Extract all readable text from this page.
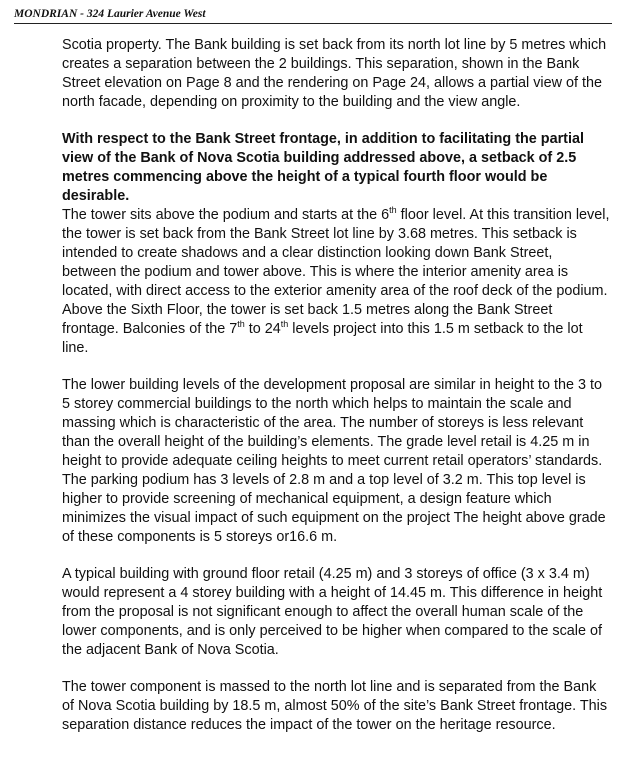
MONDRIAN - 324 Laurier Avenue West

Scotia property. The Bank building is set back from its north lot line by 5 metres which creates a separation between the 2 buildings. This separation, shown in the Bank Street elevation on Page 8 and the rendering on Page 24, allows a partial view of the north facade, depending on proximity to the building and the view angle.

With respect to the Bank Street frontage, in addition to facilitating the partial view of the Bank of Nova Scotia building addressed above, a setback of 2.5 metres commencing above the height of a typical fourth floor would be desirable.

The tower sits above the podium and starts at the 6th floor level. At this transition level, the tower is set back from the Bank Street lot line by 3.68 metres. This setback is intended to create shadows and a clear distinction looking down Bank Street, between the podium and tower above. This is where the interior amenity area is located, with direct access to the exterior amenity area of the roof deck of the podium. Above the Sixth Floor, the tower is set back 1.5 metres along the Bank Street frontage. Balconies of the 7th to 24th levels project into this 1.5 m setback to the lot line.

The lower building levels of the development proposal are similar in height to the 3 to 5 storey commercial buildings to the north which helps to maintain the scale and massing which is characteristic of the area. The number of storeys is less relevant than the overall height of the building’s elements. The grade level retail is 4.25 m in height to provide adequate ceiling heights to meet current retail operators’ standards. The parking podium has 3 levels of 2.8 m and a top level of 3.2 m. This top level is higher to provide screening of mechanical equipment, a design feature which minimizes the visual impact of such equipment on the project The height above grade of these components is 5 storeys or16.6 m.

A typical building with ground floor retail (4.25 m) and 3 storeys of office (3 x 3.4 m) would represent a 4 storey building with a height of 14.45 m. This difference in height from the proposal is not significant enough to affect the overall human scale of the lower components, and is only perceived to be higher when compared to the scale of the adjacent Bank of Nova Scotia.

The tower component is massed to the north lot line and is separated from the Bank of Nova Scotia building by 18.5 m, almost 50% of the site’s Bank Street frontage. This separation distance reduces the impact of the tower on the heritage resource.
